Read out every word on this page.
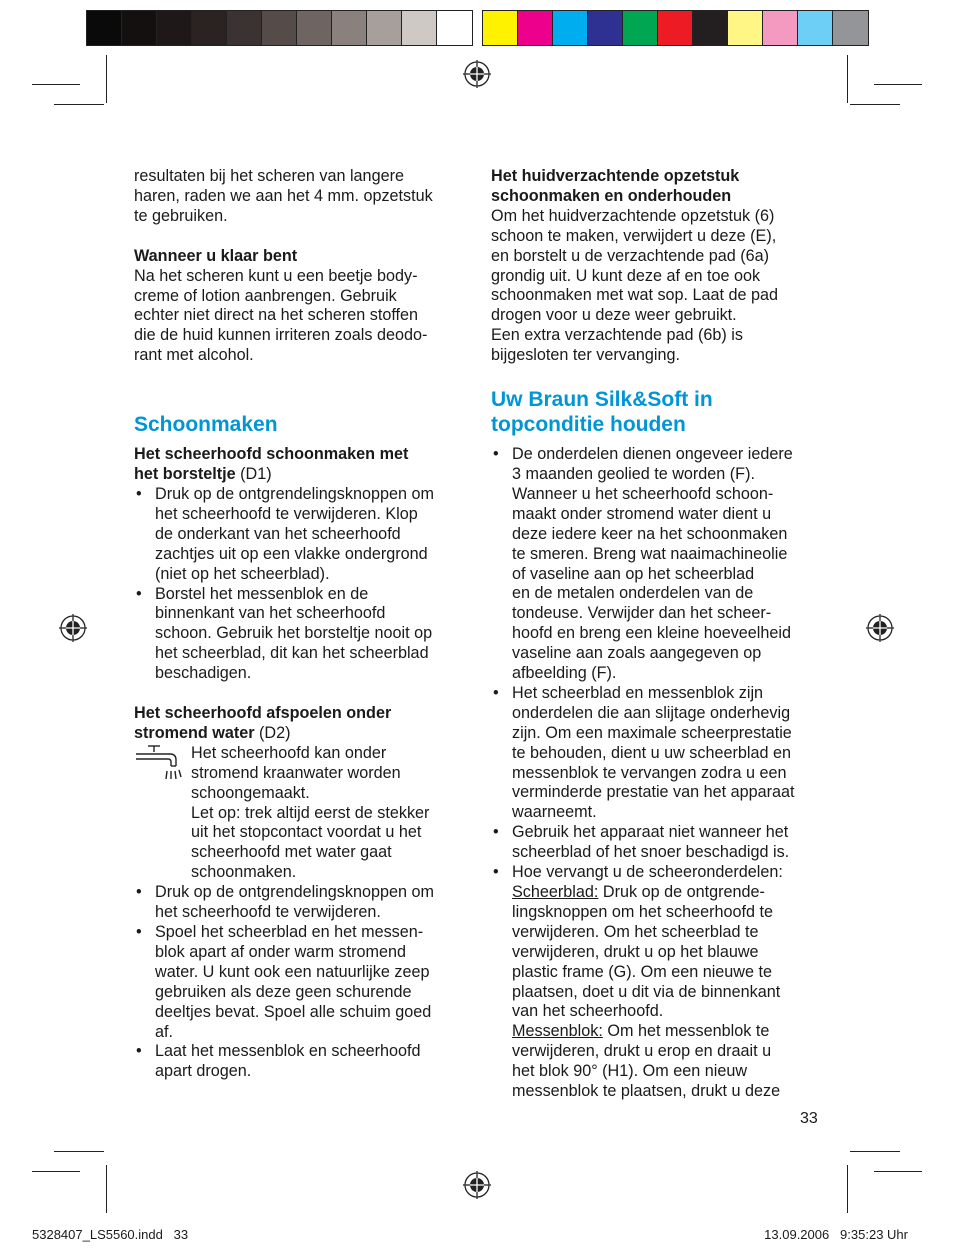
resultaten bij het scheren van langere

haren, raden we aan het 4 mm. opzetstuk

te gebruiken.

Wanneer u klaar bent

Na het scheren kunt u een beetje body-

creme of lotion aanbrengen. Gebruik

echter niet direct na het scheren stoffen

die de huid kunnen irriteren zoals deodo-

rant met alcohol.

Schoonmaken

Het scheerhoofd schoonmaken met

het borsteltje (D1)

• Druk op de ontgrendelingsknoppen om

het scheerhoofd te verwijderen. Klop

de onderkant van het scheerhoofd

zachtjes uit op een vlakke ondergrond

(niet op het scheerblad).

• Borstel het messenblok en de

binnenkant van het scheerhoofd

schoon. Gebruik het borsteltje nooit op

het scheerblad, dit kan het scheerblad

beschadigen.

Het scheerhoofd afspoelen onder

stromend water (D2)

Het scheerhoofd kan onder

stromend kraanwater worden

schoongemaakt.

Let op: trek altijd eerst de stekker

uit het stopcontact voordat u het

scheerhoofd met water gaat

schoonmaken.

• Druk op de ontgrendelingsknoppen om

het scheerhoofd te verwijderen.

• Spoel het scheerblad en het messen-

blok apart af onder warm stromend

water. U kunt ook een natuurlijke zeep

gebruiken als deze geen schurende

deeltjes bevat. Spoel alle schuim goed

af.

• Laat het messenblok en scheerhoofd

apart drogen.

Het huidverzachtende opzetstuk

schoonmaken en onderhouden

Om het huidverzachtende opzetstuk (6)

schoon te maken, verwijdert u deze (E),

en borstelt u de verzachtende pad (6a)

grondig uit. U kunt deze af en toe ook

schoonmaken met wat sop. Laat de pad

drogen voor u deze weer gebruikt.

Een extra verzachtende pad (6b) is

bijgesloten ter vervanging.

Uw Braun Silk&Soft in

topconditie houden

• De onderdelen dienen ongeveer iedere

3 maanden geolied te worden (F).

Wanneer u het scheerhoofd schoon-

maakt onder stromend water dient u

deze iedere keer na het schoonmaken

te smeren. Breng wat naaimachineolie

of vaseline aan op het scheerblad

en de metalen onderdelen van de

tondeuse. Verwijder dan het scheer-

hoofd en breng een kleine hoeveelheid

vaseline aan zoals aangegeven op

afbeelding (F).

• Het scheerblad en messenblok zijn

onderdelen die aan slijtage onderhevig

zijn. Om een maximale scheerprestatie

te behouden, dient u uw scheerblad en

messenblok te vervangen zodra u een

verminderde prestatie van het apparaat

waarneemt.

• Gebruik het apparaat niet wanneer het

scheerblad of het snoer beschadigd is.

• Hoe vervangt u de scheeronderdelen:

Scheerblad: Druk op de ontgrende-

lingsknoppen om het scheerhoofd te

verwijderen. Om het scheerblad te

verwijderen, drukt u op het blauwe

plastic frame (G). Om een nieuwe te

plaatsen, doet u dit via de binnenkant

van het scheerhoofd.

Messenblok: Om het messenblok te

verwijderen, drukt u erop en draait u

het blok 90° (H1). Om een nieuw

messenblok te plaatsen, drukt u deze

33
5328407_LS5560.indd   33	13.09.2006   9:35:23 Uhr
